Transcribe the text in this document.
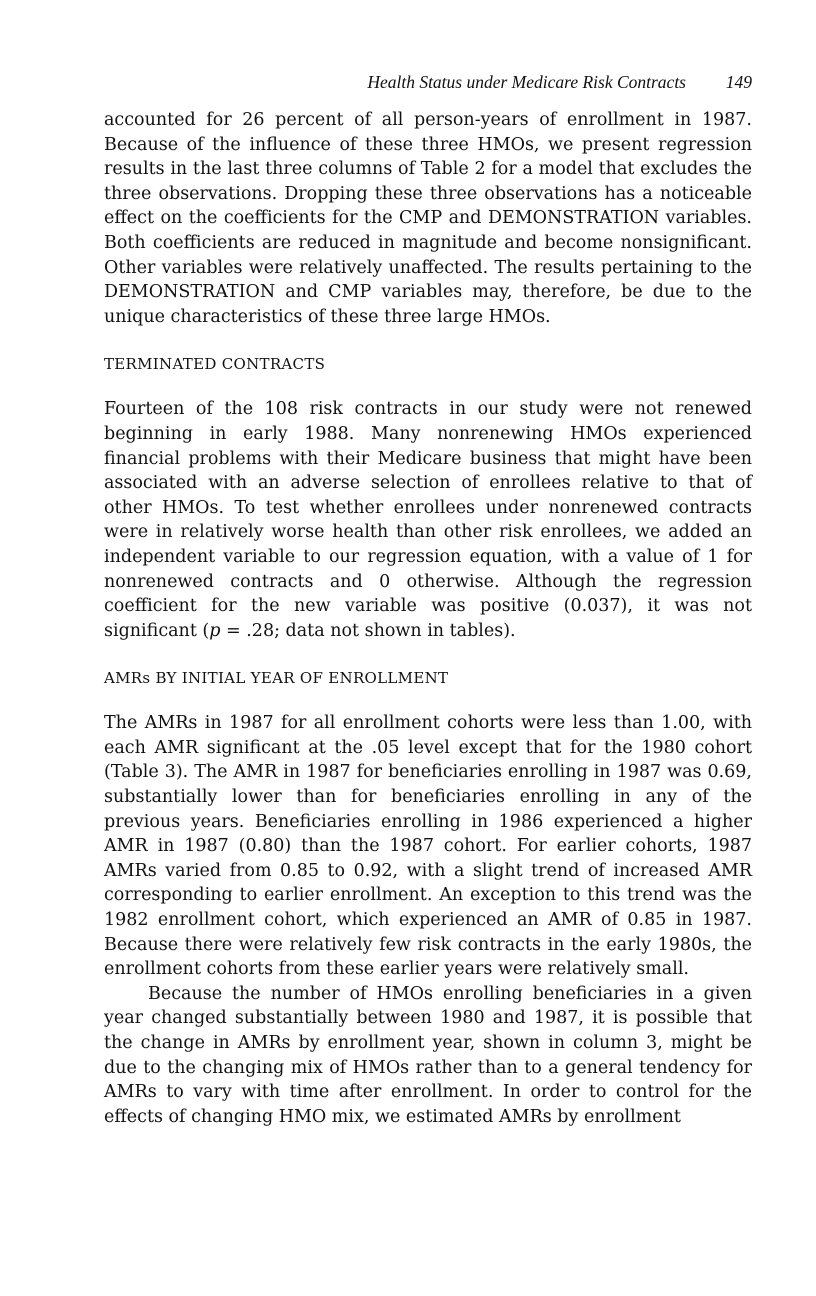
Health Status under Medicare Risk Contracts	149

accounted for 26 percent of all person-years of enrollment in 1987. Because of the influence of these three HMOs, we present regression results in the last three columns of Table 2 for a model that excludes the three observations. Dropping these three observations has a noticeable effect on the coefficients for the CMP and DEMONSTRATION variables. Both coefficients are reduced in magnitude and become nonsignificant. Other variables were relatively unaffected. The results pertaining to the DEMONSTRATION and CMP variables may, therefore, be due to the unique characteristics of these three large HMOs.

TERMINATED CONTRACTS

Fourteen of the 108 risk contracts in our study were not renewed beginning in early 1988. Many nonrenewing HMOs experienced financial problems with their Medicare business that might have been associated with an adverse selection of enrollees relative to that of other HMOs. To test whether enrollees under nonrenewed contracts were in relatively worse health than other risk enrollees, we added an independent variable to our regression equation, with a value of 1 for nonrenewed contracts and 0 otherwise. Although the regression coefficient for the new variable was positive (0.037), it was not significant (p = .28; data not shown in tables).

AMRs BY INITIAL YEAR OF ENROLLMENT

The AMRs in 1987 for all enrollment cohorts were less than 1.00, with each AMR significant at the .05 level except that for the 1980 cohort (Table 3). The AMR in 1987 for beneficiaries enrolling in 1987 was 0.69, substantially lower than for beneficiaries enrolling in any of the previous years. Beneficiaries enrolling in 1986 experienced a higher AMR in 1987 (0.80) than the 1987 cohort. For earlier cohorts, 1987 AMRs varied from 0.85 to 0.92, with a slight trend of increased AMR corresponding to earlier enrollment. An exception to this trend was the 1982 enrollment cohort, which experienced an AMR of 0.85 in 1987. Because there were relatively few risk contracts in the early 1980s, the enrollment cohorts from these earlier years were relatively small.

Because the number of HMOs enrolling beneficiaries in a given year changed substantially between 1980 and 1987, it is possible that the change in AMRs by enrollment year, shown in column 3, might be due to the changing mix of HMOs rather than to a general tendency for AMRs to vary with time after enrollment. In order to control for the effects of changing HMO mix, we estimated AMRs by enrollment
